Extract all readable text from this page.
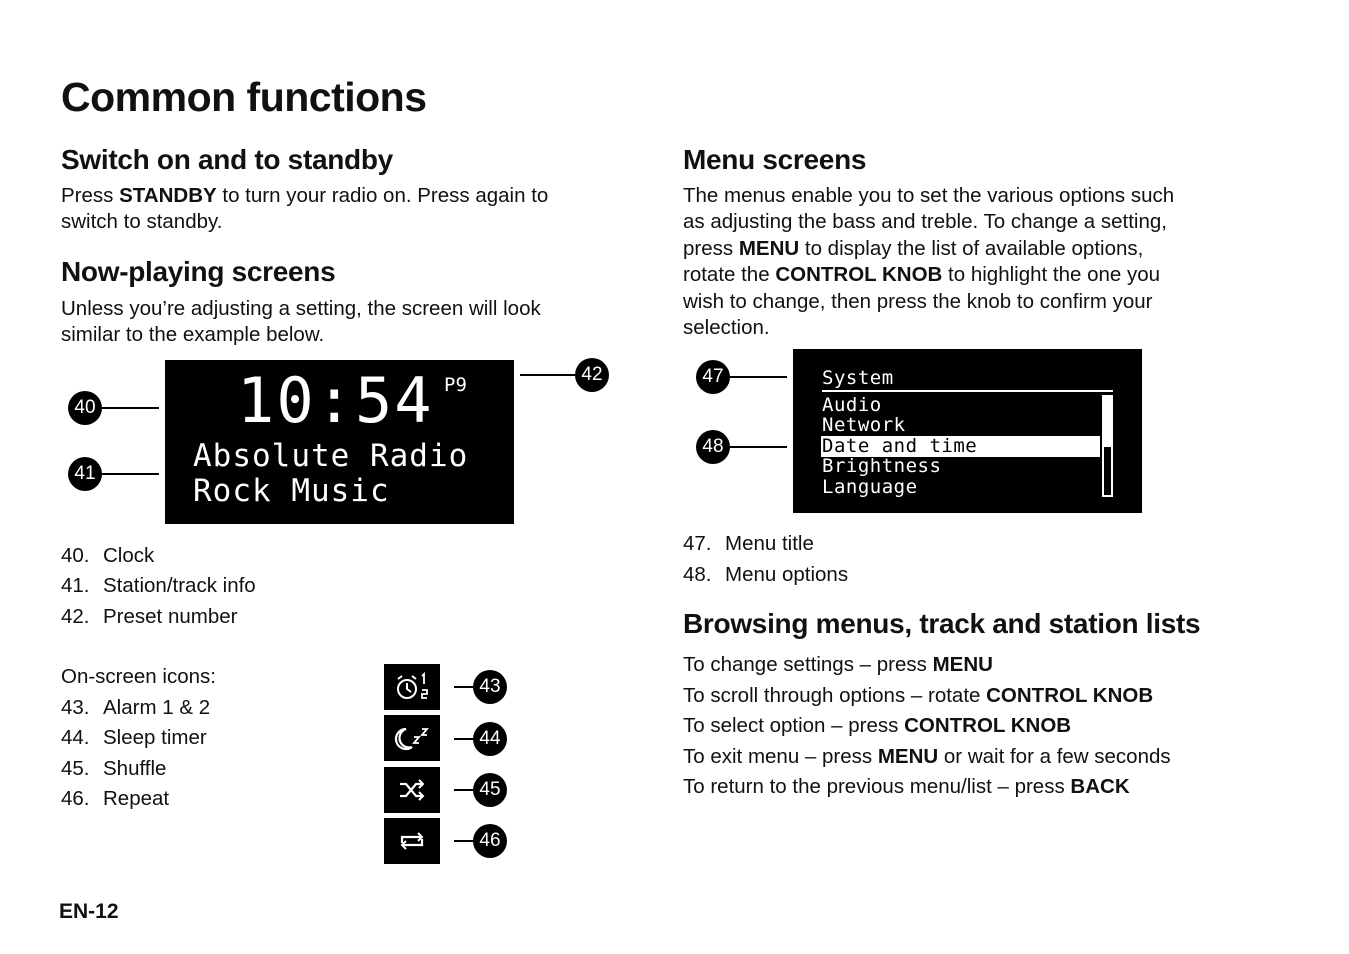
Common functions
Switch on and to standby
Press STANDBY to turn your radio on. Press again to
switch to standby.
Now-playing screens
Unless you’re adjusting a setting, the screen will look
similar to the example below.
10:54 P9
Absolute Radio
Rock Music
40
41
42
40. Clock
41. Station/track info
42. Preset number
On-screen icons:
43. Alarm 1 & 2
44. Sleep timer
45. Shuffle
46. Repeat
43
44
45
46
Menu screens
The menus enable you to set the various options such
as adjusting the bass and treble. To change a setting,
press MENU to display the list of available options,
rotate the CONTROL KNOB to highlight the one you
wish to change, then press the knob to confirm your
selection.
System
Audio
Network
Date and time
Brightness
Language
47
48
47. Menu title
48. Menu options
Browsing menus, track and station lists
To change settings – press MENU
To scroll through options – rotate CONTROL KNOB
To select option – press CONTROL KNOB
To exit menu – press MENU or wait for a few seconds
To return to the previous menu/list – press BACK
EN-12
